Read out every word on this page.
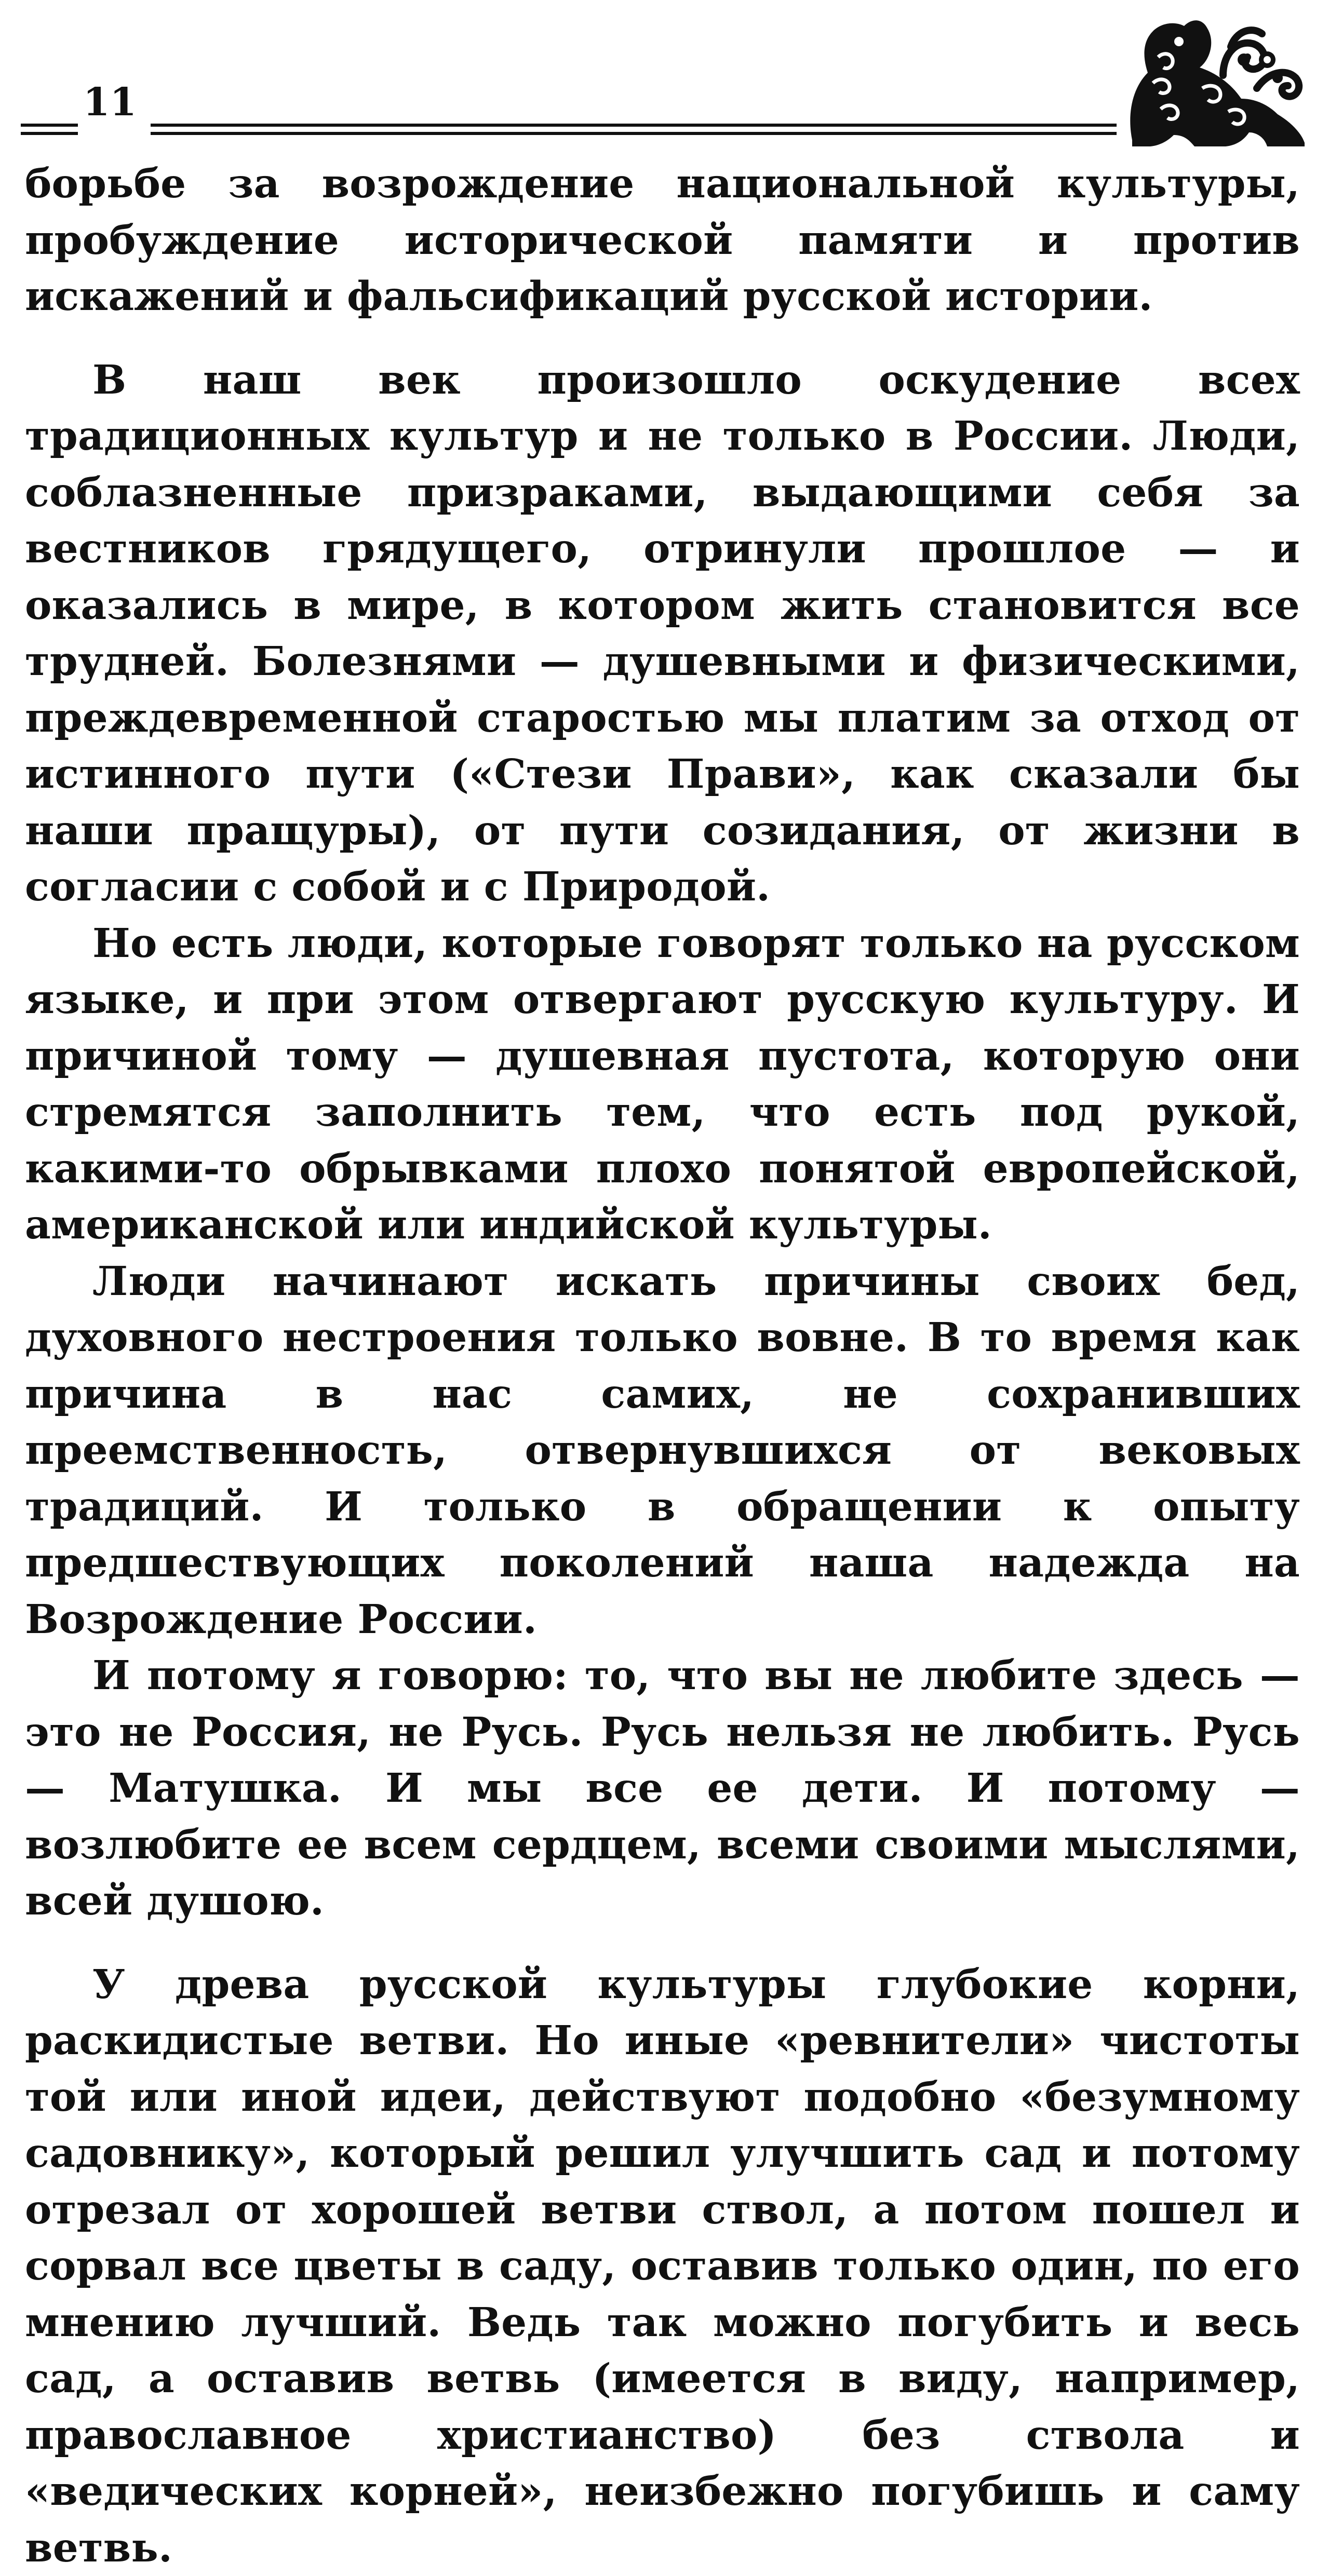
11

борьбе за возрождение национальной культуры, пробуждение исторической памяти и против искажений и фальсификаций русской истории.

В наш век произошло оскудение всех традиционных культур и не только в России. Люди, соблазненные призраками, выдающими себя за вестников грядущего, отринули прошлое — и оказались в мире, в котором жить становится все трудней. Болезнями — душевными и физическими, преждевременной старостью мы платим за отход от истинного пути («Стези Прави», как сказали бы наши пращуры), от пути созидания, от жизни в согласии с собой и с Природой.

Но есть люди, которые говорят только на русском языке, и при этом отвергают русскую культуру. И причиной тому — душевная пустота, которую они стремятся заполнить тем, что есть под рукой, какими-то обрывками плохо понятой европейской, американской или индийской культуры.

Люди начинают искать причины своих бед, духовного нестроения только вовне. В то время как причина в нас самих, не сохранивших преемственность, отвернувшихся от вековых традиций. И только в обращении к опыту предшествующих поколений наша надежда на Возрождение России.

И потому я говорю: то, что вы не любите здесь — это не Россия, не Русь. Русь нельзя не любить. Русь — Матушка. И мы все ее дети. И потому — возлюбите ее всем сердцем, всеми своими мыслями, всей душою.

У древа русской культуры глубокие корни, раскидистые ветви. Но иные «ревнители» чистоты той или иной идеи, действуют подобно «безумному садовнику», который решил улучшить сад и потому отрезал от хорошей ветви ствол, а потом пошел и сорвал все цветы в саду, оставив только один, по его мнению лучший. Ведь так можно погубить и весь сад, а оставив ветвь (имеется в виду, например, православное христианство) без ствола и «ведических корней», неизбежно погубишь и саму ветвь.
